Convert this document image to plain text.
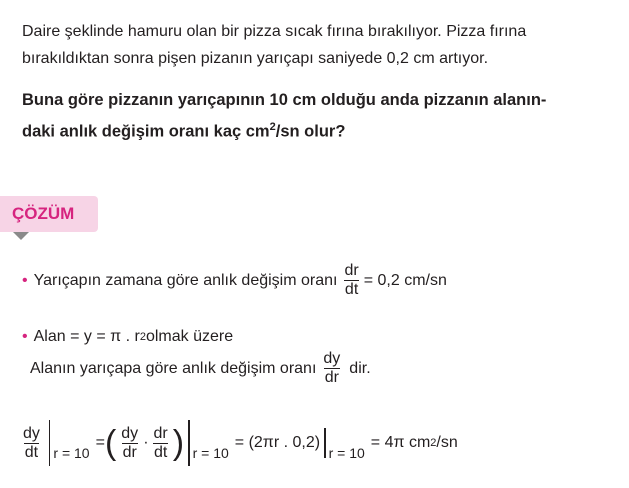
Daire şeklinde hamuru olan bir pizza sıcak fırına bırakılıyor. Pizza fırına
bırakıldıktan sonra pişen pizanın yarıçapı saniyede 0,2 cm artıyor.
Buna göre pizzanın yarıçapının 10 cm olduğu anda pizzanın alanın-
daki anlık değişim oranı kaç $cm^2/sn$ olur?
ÇÖZÜM
• Yarıçapın zamana göre anlık değişim oranı $\frac{dr}{dt} = 0,2$ cm/sn
• Alan = y = π . r 2 olmak üzere
Alanın yarıçapa göre anlık değişim oranı $\frac{dy}{dr}$ dir.
$\frac{dy}{dt}$ r = 10
= ( $\frac{dy}{dr} \cdot \frac{dr}{dt}$ ) r = 10
= (2πr . 0,2)
r = 10
= 4π cm 2 /sn
